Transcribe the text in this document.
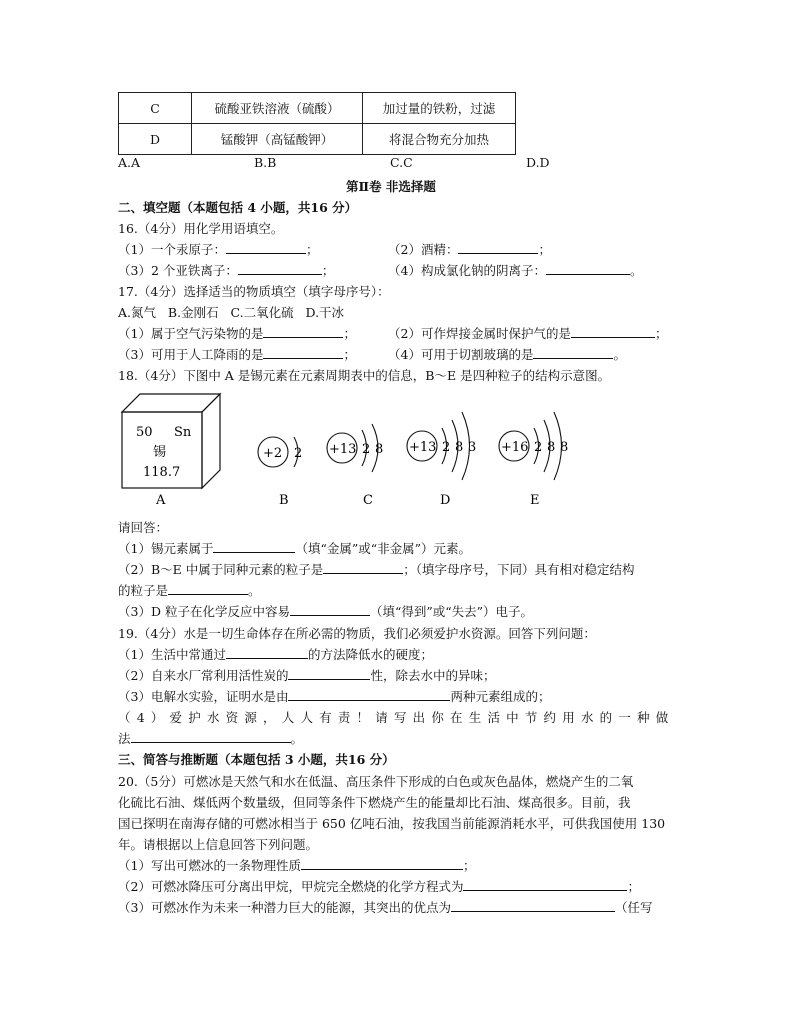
C	硫酸亚铁溶液（硫酸）	加过量的铁粉，过滤
D	锰酸钾（高锰酸钾）	将混合物充分加热
A.A	B.B	C.C	D.D
第Ⅱ卷 非选择题
二、填空题（本题包括 4 小题，共16 分）
16.（4分）用化学用语填空。
（1）一个汞原子：	；	（2）酒精：	；
（3）2 个亚铁离子：	；	（4）构成氯化钠的阴离子：	。
17.（4分）选择适当的物质填空（填字母序号）：
A.氮气   B.金刚石   C.二氧化硫   D.干冰
（1）属于空气污染物的是	；	（2）可作焊接金属时保护气的是	；
（3）可用于人工降雨的是	；	（4）可用于切割玻璃的是	。
18.（4分）下图中 A 是锡元素在元素周期表中的信息，B～E 是四种粒子的结构示意图。
50 Sn
锡
118.7
A
+2 2
B
+13 2 8
C
+13 2 8 3
D
+16 2 8 8
E
请回答：
（1）锡元素属于	（填“金属”或“非金属”）元素。
（2）B～E 中属于同种元素的粒子是	；（填字母序号，下同）具有相对稳定结构
的粒子是	。
（3）D 粒子在化学反应中容易	（填“得到”或“失去”）电子。
19.（4分）水是一切生命体存在所必需的物质，我们必须爱护水资源。回答下列问题：
（1）生活中常通过	的方法降低水的硬度；
（2）自来水厂常利用活性炭的	性，除去水中的异味；
（3）电解水实验，证明水是由	两种元素组成的；
（4）爱护水资源，人人有责！请写出你在生活中节约用水的一种做
法	。
三、简答与推断题（本题包括 3 小题，共16 分）
20.（5分）可燃冰是天然气和水在低温、高压条件下形成的白色或灰色晶体，燃烧产生的二氧
化硫比石油、煤低两个数量级，但同等条件下燃烧产生的能量却比石油、煤高很多。目前，我
国已探明在南海存储的可燃冰相当于 650 亿吨石油，按我国当前能源消耗水平，可供我国使用 130
年。请根据以上信息回答下列问题。
（1）写出可燃冰的一条物理性质	；
（2）可燃冰降压可分离出甲烷，甲烷完全燃烧的化学方程式为	；
（3）可燃冰作为未来一种潜力巨大的能源，其突出的优点为	（任写
